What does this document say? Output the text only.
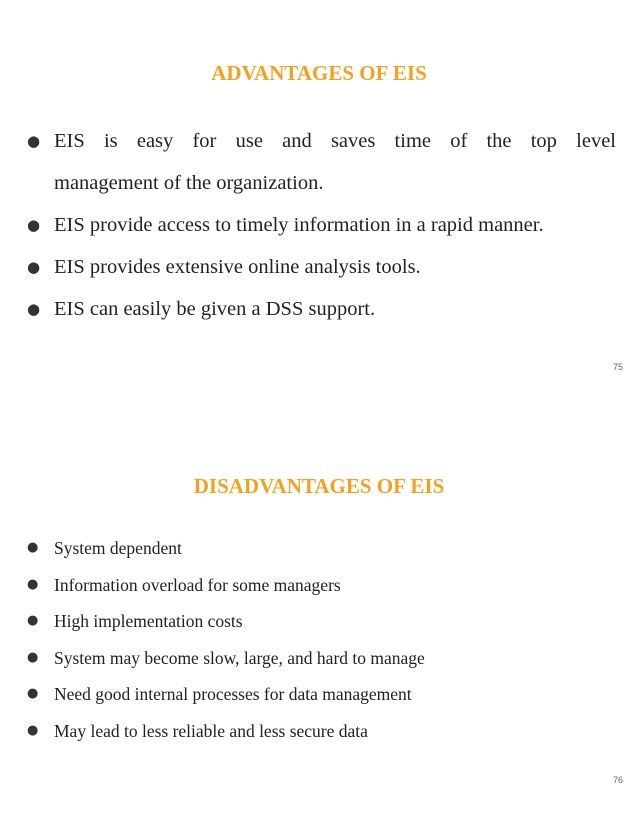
ADVANTAGES OF EIS
● EIS is easy for use and saves time of the top level
management of the organization.
● EIS provide access to timely information in a rapid manner.
● EIS provides extensive online analysis tools.
● EIS can easily be given a DSS support.
75
DISADVANTAGES OF EIS
● System dependent
● Information overload for some managers
● High implementation costs
● System may become slow, large, and hard to manage
● Need good internal processes for data management
● May lead to less reliable and less secure data
76
